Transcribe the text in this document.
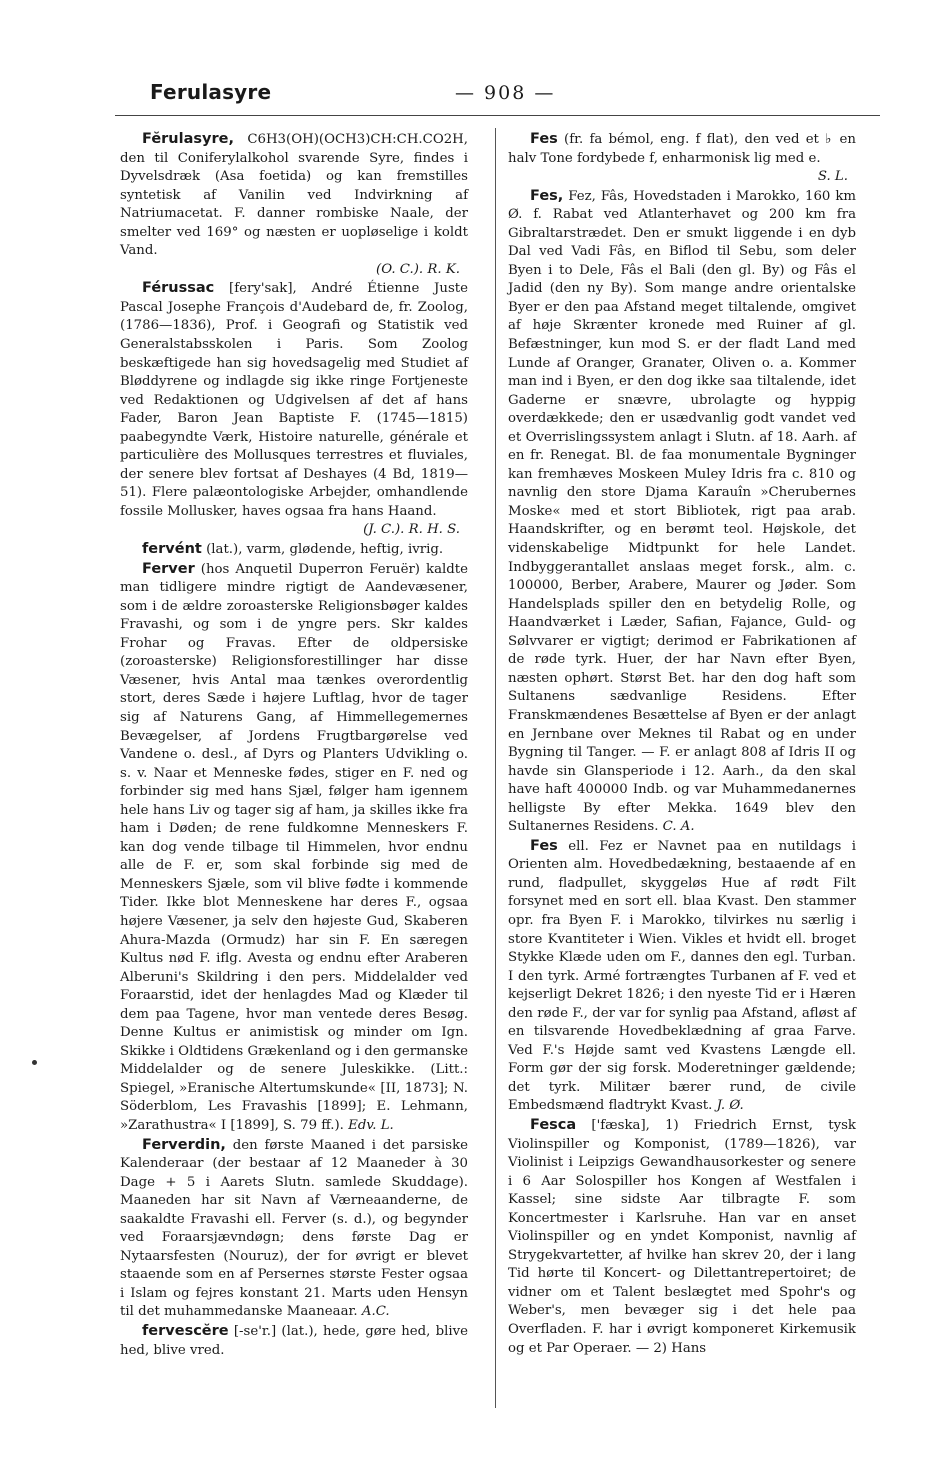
Ferulasyre	— 908 —

Fĕrulasyre, C6H3(OH)(OCH3)CH:CH.CO2H, den til Coniferylalkohol svarende Syre, findes i Dyvelsdræk (Asa foetida) og kan fremstilles syntetisk af Vanilin ved Indvirkning af Natriumacetat. F. danner rombiske Naale, der smelter ved 169° og næsten er uopløselige i koldt Vand.
(O. C.). R. K.

Férussac [fery'sak], André Étienne Juste Pascal Josephe François d'Audebard de, fr. Zoolog, (1786—1836), Prof. i Geografi og Statistik ved Generalstabsskolen i Paris. Som Zoolog beskæftigede han sig hovedsagelig med Studiet af Bløddyrene og indlagde sig ikke ringe Fortjeneste ved Redaktionen og Udgivelsen af det af hans Fader, Baron Jean Baptiste F. (1745—1815) paabegyndte Værk, Histoire naturelle, générale et particulière des Mollusques terrestres et fluviales, der senere blev fortsat af Deshayes (4 Bd, 1819—51). Flere palæontologiske Arbejder, omhandlende fossile Mollusker, haves ogsaa fra hans Haand.
(J. C.). R. H. S.

fervént (lat.), varm, glødende, heftig, ivrig.

Ferver (hos Anquetil Duperron Feruër) kaldte man tidligere mindre rigtigt de Aandevæsener, som i de ældre zoroasterske Religionsbøger kaldes Fravashi, og som i de yngre pers. Skr kaldes Frohar og Fravas. Efter de oldpersiske (zoroasterske) Religionsforestillinger har disse Væsener, hvis Antal maa tænkes overordentlig stort, deres Sæde i højere Luftlag, hvor de tager sig af Naturens Gang, af Himmellegemernes Bevægelser, af Jordens Frugtbargørelse ved Vandene o. desl., af Dyrs og Planters Udvikling o. s. v. Naar et Menneske fødes, stiger en F. ned og forbinder sig med hans Sjæl, følger ham igennem hele hans Liv og tager sig af ham, ja skilles ikke fra ham i Døden; de rene fuldkomne Menneskers F. kan dog vende tilbage til Himmelen, hvor endnu alle de F. er, som skal forbinde sig med de Menneskers Sjæle, som vil blive fødte i kommende Tider. Ikke blot Menneskene har deres F., ogsaa højere Væsener, ja selv den højeste Gud, Skaberen Ahura-Mazda (Ormudz) har sin F. En særegen Kultus nød F. iflg. Avesta og endnu efter Araberen Alberuni's Skildring i den pers. Middelalder ved Foraarstid, idet der henlagdes Mad og Klæder til dem paa Tagene, hvor man ventede deres Besøg. Denne Kultus er animistisk og minder om Ign. Skikke i Oldtidens Grækenland og i den germanske Middelalder og de senere Juleskikke. (Litt.: Spiegel, »Eranische Altertumskunde« [II, 1873]; N. Söderblom, Les Fravashis [1899]; E. Lehmann, »Zarathustra« I [1899], S. 79 ff.). Edv. L.

Ferverdin, den første Maaned i det parsiske Kalenderaar (der bestaar af 12 Maaneder à 30 Dage + 5 i Aarets Slutn. samlede Skuddage). Maaneden har sit Navn af Værneaanderne, de saakaldte Fravashi ell. Ferver (s. d.), og begynder ved Foraarsjævndøgn; dens første Dag er Nytaarsfesten (Nouruz), der for øvrigt er blevet staaende som en af Persernes største Fester ogsaa i Islam og fejres konstant 21. Marts uden Hensyn til det muhammedanske Maaneaar. A.C.

fervescĕre [-se'r.] (lat.), hede, gøre hed, blive hed, blive vred.

Fes (fr. fa bémol, eng. f flat), den ved et ♭ en halv Tone fordybede f, enharmonisk lig med e.
S. L.

Fes, Fez, Fâs, Hovedstaden i Marokko, 160 km Ø. f. Rabat ved Atlanterhavet og 200 km fra Gibraltarstrædet. Den er smukt liggende i en dyb Dal ved Vadi Fâs, en Biflod til Sebu, som deler Byen i to Dele, Fâs el Bali (den gl. By) og Fâs el Jadid (den ny By). Som mange andre orientalske Byer er den paa Afstand meget tiltalende, omgivet af høje Skrænter kronede med Ruiner af gl. Befæstninger, kun mod S. er der fladt Land med Lunde af Oranger, Granater, Oliven o. a. Kommer man ind i Byen, er den dog ikke saa tiltalende, idet Gaderne er snævre, ubrolagte og hyppig overdækkede; den er usædvanlig godt vandet ved et Overrislingssystem anlagt i Slutn. af 18. Aarh. af en fr. Renegat. Bl. de faa monumentale Bygninger kan fremhæves Moskeen Muley Idris fra c. 810 og navnlig den store Djama Karauîn »Cherubernes Moske« med et stort Bibliotek, rigt paa arab. Haandskrifter, og en berømt teol. Højskole, det videnskabelige Midtpunkt for hele Landet. Indbyggerantallet anslaas meget forsk., alm. c. 100000, Berber, Arabere, Maurer og Jøder. Som Handelsplads spiller den en betydelig Rolle, og Haandværket i Læder, Safian, Fajance, Guld- og Sølvvarer er vigtigt; derimod er Fabrikationen af de røde tyrk. Huer, der har Navn efter Byen, næsten ophørt. Størst Bet. har den dog haft som Sultanens sædvanlige Residens. Efter Franskmændenes Besættelse af Byen er der anlagt en Jernbane over Meknes til Rabat og en under Bygning til Tanger. — F. er anlagt 808 af Idris II og havde sin Glansperiode i 12. Aarh., da den skal have haft 400000 Indb. og var Muhammedanernes helligste By efter Mekka. 1649 blev den Sultanernes Residens. C. A.

Fes ell. Fez er Navnet paa en nutildags i Orienten alm. Hovedbedækning, bestaaende af en rund, fladpullet, skyggeløs Hue af rødt Filt forsynet med en sort ell. blaa Kvast. Den stammer opr. fra Byen F. i Marokko, tilvirkes nu særlig i store Kvantiteter i Wien. Vikles et hvidt ell. broget Stykke Klæde uden om F., dannes den egl. Turban. I den tyrk. Armé fortrængtes Turbanen af F. ved et kejserligt Dekret 1826; i den nyeste Tid er i Hæren den røde F., der var for synlig paa Afstand, afløst af en tilsvarende Hovedbeklædning af graa Farve. Ved F.'s Højde samt ved Kvastens Længde ell. Form gør der sig forsk. Moderetninger gældende; det tyrk. Militær bærer rund, de civile Embedsmænd fladtrykt Kvast. J. Ø.

Fesca ['fæska], 1) Friedrich Ernst, tysk Violinspiller og Komponist, (1789—1826), var Violinist i Leipzigs Gewandhausorkester og senere i 6 Aar Solospiller hos Kongen af Westfalen i Kassel; sine sidste Aar tilbragte F. som Koncertmester i Karlsruhe. Han var en anset Violinspiller og en yndet Komponist, navnlig af Strygekvartetter, af hvilke han skrev 20, der i lang Tid hørte til Koncert- og Dilettantrepertoiret; de vidner om et Talent beslægtet med Spohr's og Weber's, men bevæger sig i det hele paa Overfladen. F. har i øvrigt komponeret Kirkemusik og et Par Operaer. — 2) Hans
